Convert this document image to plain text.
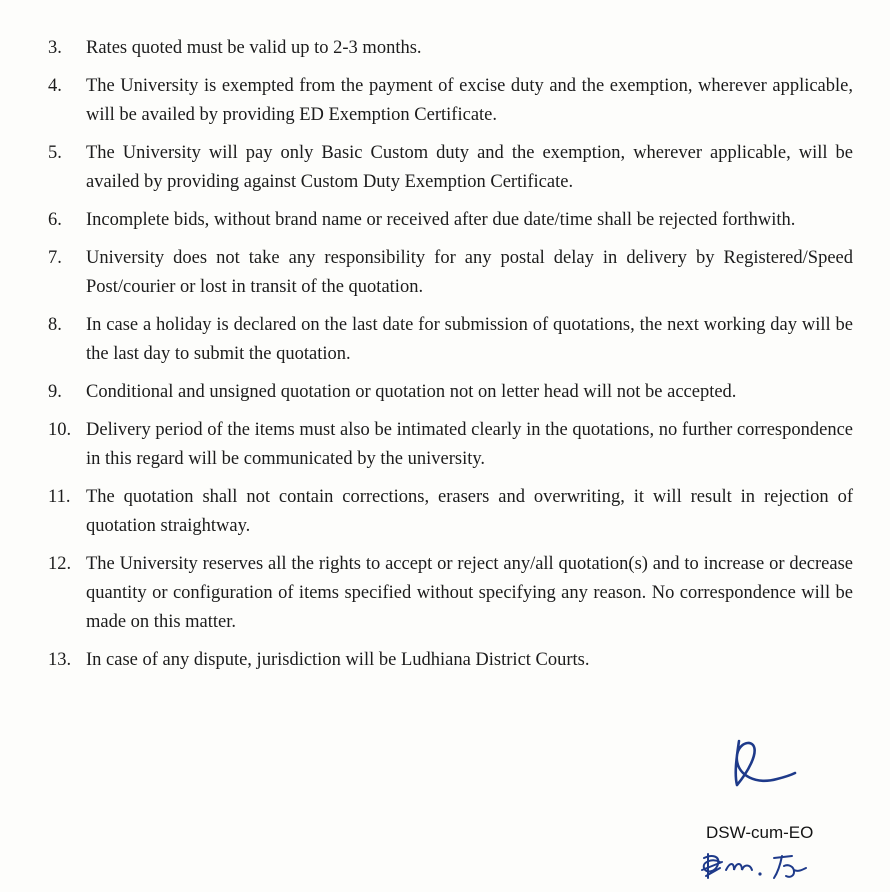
3.	Rates quoted must be valid up to 2-3 months.
4.	The University is exempted from the payment of excise duty and the exemption, wherever applicable, will be availed by providing ED Exemption Certificate.
5.	The University will pay only Basic Custom duty and the exemption, wherever applicable, will be availed by providing against Custom Duty Exemption Certificate.
6.	Incomplete bids, without brand name or received after due date/time shall be rejected forthwith.
7.	University does not take any responsibility for any postal delay in delivery by Registered/Speed Post/courier or lost in transit of the quotation.
8.	In case a holiday is declared on the last date for submission of quotations, the next working day will be the last day to submit the quotation.
9.	Conditional and unsigned quotation or quotation not on letter head will not be accepted.
10. Delivery period of the items must also be intimated clearly in the quotations, no further correspondence in this regard will be communicated by the university.
11. The quotation shall not contain corrections, erasers and overwriting, it will result in rejection of quotation straightway.
12. The University reserves all the rights to accept or reject any/all quotation(s) and to increase or decrease quantity or configuration of items specified without specifying any reason. No correspondence will be made on this matter.
13. In case of any dispute, jurisdiction will be Ludhiana District Courts.
DSW-cum-EO
